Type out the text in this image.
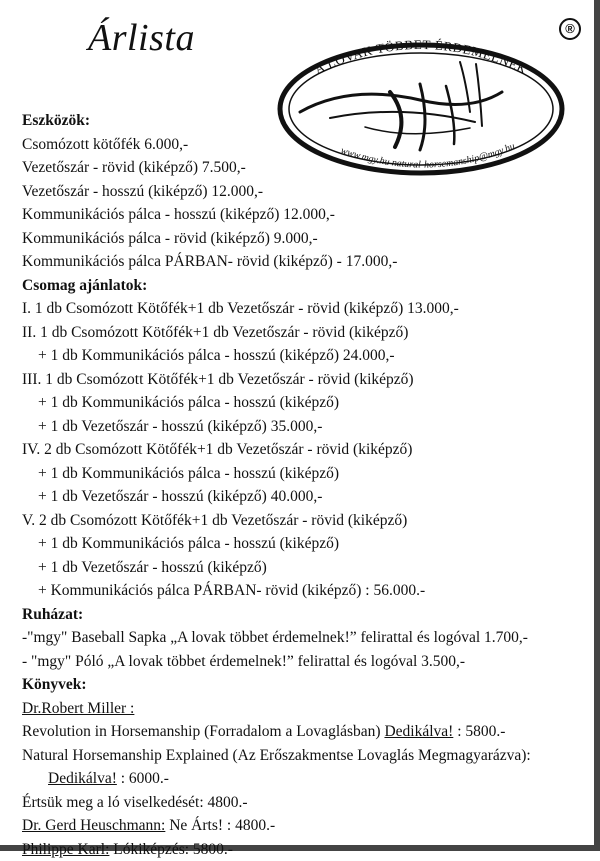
Árlista	®
A LOVAK TÖBBET ÉRDEMELNEK
www.mgy.hu natural-horsemanship@mgy.hu
Eszközök:
Csomózott kötőfék 6.000,-
Vezetőszár - rövid (kiképző) 7.500,-
Vezetőszár - hosszú (kiképző) 12.000,-
Kommunikációs pálca - hosszú (kiképző) 12.000,-
Kommunikációs pálca - rövid (kiképző) 9.000,-
Kommunikációs pálca PÁRBAN- rövid (kiképző) - 17.000,-
Csomag ajánlatok:
I. 1 db Csomózott Kötőfék+1 db Vezetőszár - rövid (kiképző) 13.000,-
II. 1 db Csomózott Kötőfék+1 db Vezetőszár - rövid (kiképző)
+ 1 db Kommunikációs pálca - hosszú (kiképző) 24.000,-
III. 1 db Csomózott Kötőfék+1 db Vezetőszár - rövid (kiképző)
+ 1 db Kommunikációs pálca - hosszú (kiképző)
+ 1 db Vezetőszár - hosszú (kiképző) 35.000,-
IV. 2 db Csomózott Kötőfék+1 db Vezetőszár - rövid (kiképző)
+ 1 db Kommunikációs pálca - hosszú (kiképző)
+ 1 db Vezetőszár - hosszú (kiképző) 40.000,-
V. 2 db Csomózott Kötőfék+1 db Vezetőszár - rövid (kiképző)
+ 1 db Kommunikációs pálca - hosszú (kiképző)
+ 1 db Vezetőszár - hosszú (kiképző)
+ Kommunikációs pálca PÁRBAN- rövid (kiképző) : 56.000.-
Ruházat:
-"mgy" Baseball Sapka „A lovak többet érdemelnek!” felirattal és logóval 1.700,-
- "mgy" Póló „A lovak többet érdemelnek!” felirattal és logóval 3.500,-
Könyvek:
Dr.Robert Miller :
Revolution in Horsemanship (Forradalom a Lovaglásban) Dedikálva! : 5800.-
Natural Horsemanship Explained (Az Erőszakmentse Lovaglás Megmagyarázva):
Dedikálva! : 6000.-
Értsük meg a ló viselkedését: 4800.-
Dr. Gerd Heuschmann: Ne Árts! : 4800.-
Philippe Karl: Lókiképzés: 5800.-
